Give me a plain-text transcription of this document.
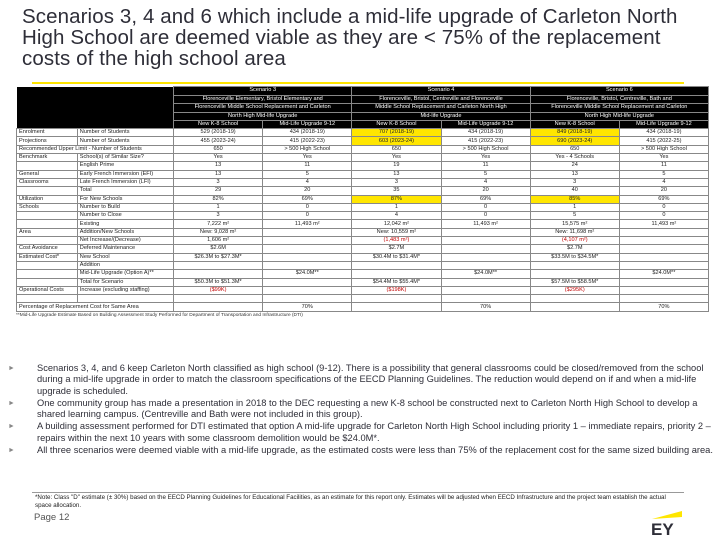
Scenarios 3, 4 and 6 which include a mid-life upgrade of Carleton North High School are deemed viable as they are < 75% of the replacement costs of the high school area
		Scenario 3		Scenario 4		Scenario 6	
		Florenceville Elementary, Bristol Elementary and		Florenceville, Bristol, Centreville and Florenceville		Florenceville, Bristol, Centreville, Bath and	
		Florenceville Middle School Replacement and Carleton		Middle School Replacement and Carleton North High		Florenceville Middle School Replacement and Carleton	
		North High Mid-life Upgrade		Mid-life Upgrade		North High Mid-life Upgrade	
		New K-8 School	Mid-Life Upgrade 9-12	New K-8 School	Mid-Life Upgrade 9-12	New K-8 School	Mid-Life Upgrade 9-12
Enrolment	Number of Students	529 (2018-19)	434 (2018-19)	707 (2018-19)	434 (2018-19)	849 (2018-19)	434 (2018-19)
Projections	Number of Students	455 (2023-24)	415 (2022-23)	603 (2023-24)	415 (2022-23)	690 (2023-24)	415 (2022-25)
Recommended Upper Limit - Number of Students		650	> 500 High School	650	> 500 High School	650	> 500 High School
Benchmark	School(s) of Similar Size?	Yes	Yes	Yes	Yes	Yes - 4 Schools	Yes
	English Prime	13	11	19	11	24	11
General	Early French Immersion (EFI)	13	5	13	5	13	5
Classrooms	Late French Immersion (LFI)	3	4	3	4	3	4
	Total	29	20	35	20	40	20
Utilization	For New Schools	82%	69%	87%	69%	85%	69%
Schools	Number to Build	1	0	1	0	1	0
	Number to Close	3	0	4	0	5	0
	Existing	7,222 m²	11,493 m²	12,042 m²	11,493 m²	15,575 m²	11,493 m²
Area	Addition/New Schools	New: 9,028 m²		New: 10,559 m²		New: 11,698 m²	
	Net Increase/(Decrease)	1,606 m²		(1,483 m²)		(4,107 m²)	
Cost Avoidance	Deferred Maintenance	$2.6M		$2.7M		$2.7M	
Estimated Cost*	New School	$26.3M to $27.3M*		$30.4M to $31.4M*		$33.5M to $34.5M*	
	Addition						
	Mid-Life Upgrade (Option A)**		$24.0M**		$24.0M**		$24.0M**
	Total for Scenario	$50.3M to $51.3M*		$54.4M to $55.4M*		$57.5M to $58.5M*	
Operational Costs	Increase (excluding staffing)	($99K)		($198K)		($295K)	

Percentage of Replacement Cost for Same Area			70%		70%		70%
**Mid-Life Upgrade Estimate Based on Building Assessment Study Performed for Department of Transportation and Infrastructure (DTI)
► Scenarios 3, 4, and 6 keep Carleton North classified as high school (9-12). There is a possibility that general classrooms could be closed/removed from the school during a mid-life upgrade in order to match the classroom specifications of the EECD Planning Guidelines. The reduction would depend on if and when a mid-life upgrade is scheduled.
► One community group has made a presentation in 2018 to the DEC requesting a new K-8 school be constructed next to Carleton North High School to develop a shared learning campus. (Centreville and Bath were not included in this group).
► A building assessment performed for DTI estimated that option A mid-life upgrade for Carleton North High School including priority 1 – immediate repairs, priority 2 – repairs within the next 10 years with some classroom demolition would be $24.0M*.
► All three scenarios were deemed viable with a mid-life upgrade, as the estimated costs were less than 75% of the replacement cost for the same sized building area.
*Note: Class "D" estimate (± 30%) based on the EECD Planning Guidelines for Educational Facilities, as an estimate for this report only. Estimates will be adjusted when EECD Infrastructure and the project team establish the actual space allocation.
Page 12
EY
